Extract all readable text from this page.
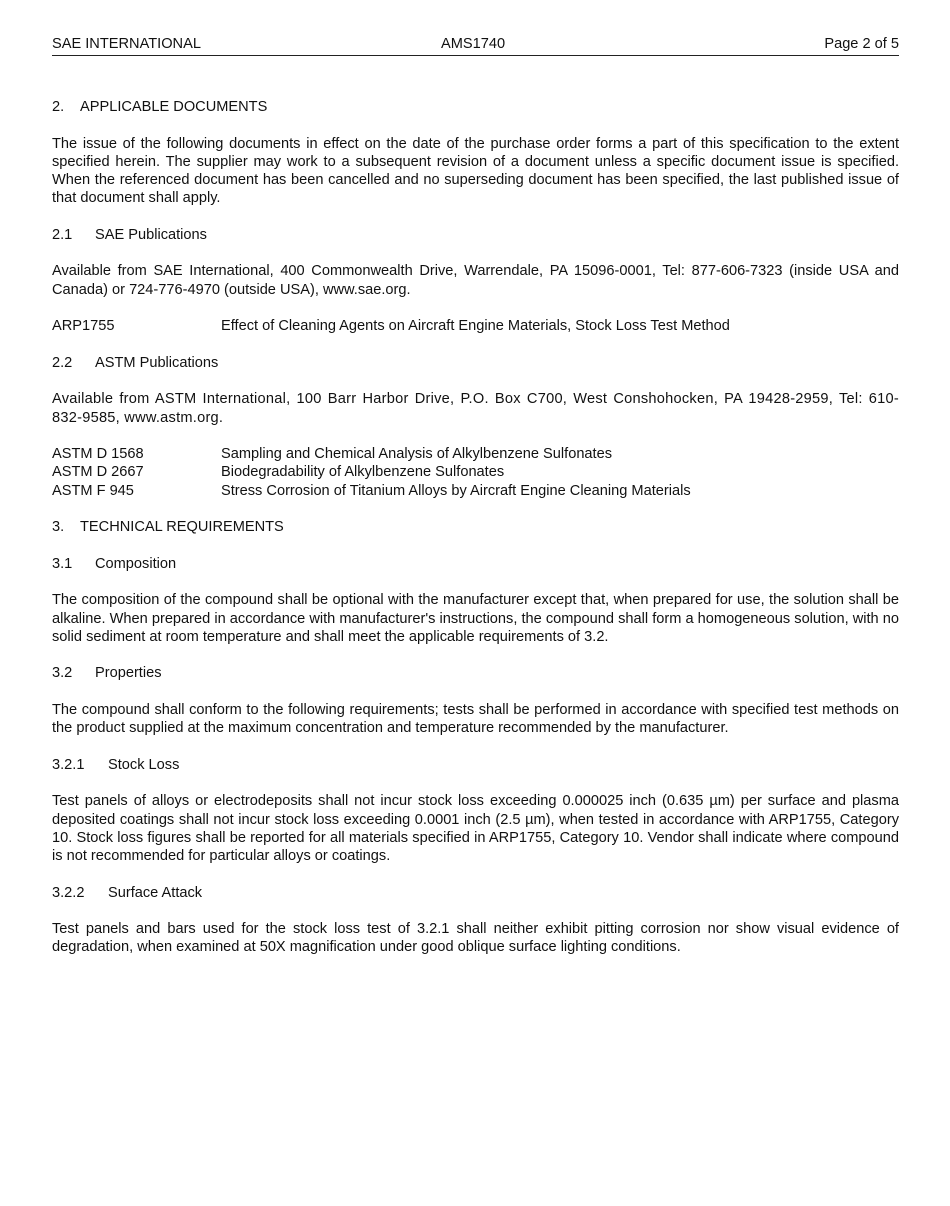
SAE INTERNATIONAL	AMS1740	Page 2 of 5
2. APPLICABLE DOCUMENTS

The issue of the following documents in effect on the date of the purchase order forms a part of this specification to the extent specified herein. The supplier may work to a subsequent revision of a document unless a specific document issue is specified. When the referenced document has been cancelled and no superseding document has been specified, the last published issue of that document shall apply.

2.1 SAE Publications

Available from SAE International, 400 Commonwealth Drive, Warrendale, PA 15096-0001, Tel: 877-606-7323 (inside USA and Canada) or 724-776-4970 (outside USA), www.sae.org.

ARP1755	Effect of Cleaning Agents on Aircraft Engine Materials, Stock Loss Test Method
2.2 ASTM Publications

Available from ASTM International, 100 Barr Harbor Drive, P.O. Box C700, West Conshohocken, PA 19428-2959, Tel: 610-832-9585, www.astm.org.

ASTM D 1568	Sampling and Chemical Analysis of Alkylbenzene Sulfonates
ASTM D 2667	Biodegradability of Alkylbenzene Sulfonates
ASTM F 945	Stress Corrosion of Titanium Alloys by Aircraft Engine Cleaning Materials
3. TECHNICAL REQUIREMENTS
3.1 Composition

The composition of the compound shall be optional with the manufacturer except that, when prepared for use, the solution shall be alkaline. When prepared in accordance with manufacturer's instructions, the compound shall form a homogeneous solution, with no solid sediment at room temperature and shall meet the applicable requirements of 3.2.

3.2 Properties

The compound shall conform to the following requirements; tests shall be performed in accordance with specified test methods on the product supplied at the maximum concentration and temperature recommended by the manufacturer.

3.2.1 Stock Loss

Test panels of alloys or electrodeposits shall not incur stock loss exceeding 0.000025 inch (0.635 µm) per surface and plasma deposited coatings shall not incur stock loss exceeding 0.0001 inch (2.5 µm), when tested in accordance with ARP1755, Category 10. Stock loss figures shall be reported for all materials specified in ARP1755, Category 10. Vendor shall indicate where compound is not recommended for particular alloys or coatings.

3.2.2 Surface Attack

Test panels and bars used for the stock loss test of 3.2.1 shall neither exhibit pitting corrosion nor show visual evidence of degradation, when examined at 50X magnification under good oblique surface lighting conditions.
